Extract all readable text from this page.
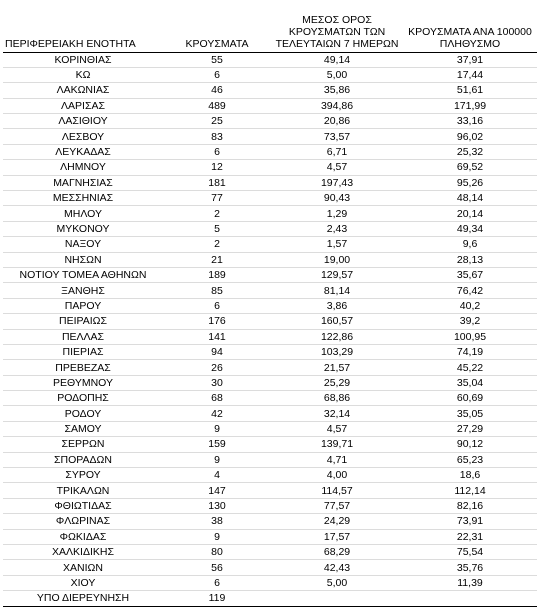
ΠΕΡΙΦΕΡΕΙΑΚΗ ΕΝΟΤΗΤΑ	ΚΡΟΥΣΜΑΤΑ	ΜΕΣΟΣ ΟΡΟΣ
ΚΡΟΥΣΜΑΤΩΝ ΤΩΝ
ΤΕΛΕΥΤΑΙΩΝ 7 ΗΜΕΡΩΝ	ΚΡΟΥΣΜΑΤΑ ΑΝΑ 100000
ΠΛΗΘΥΣΜΟ
ΚΟΡΙΝΘΙΑΣ	55	49,14	37,91
ΚΩ	6	5,00	17,44
ΛΑΚΩΝΙΑΣ	46	35,86	51,61
ΛΑΡΙΣΑΣ	489	394,86	171,99
ΛΑΣΙΘΙΟΥ	25	20,86	33,16
ΛΕΣΒΟΥ	83	73,57	96,02
ΛΕΥΚΑΔΑΣ	6	6,71	25,32
ΛΗΜΝΟΥ	12	4,57	69,52
ΜΑΓΝΗΣΙΑΣ	181	197,43	95,26
ΜΕΣΣΗΝΙΑΣ	77	90,43	48,14
ΜΗΛΟΥ	2	1,29	20,14
ΜΥΚΟΝΟΥ	5	2,43	49,34
ΝΑΞΟΥ	2	1,57	9,6
ΝΗΣΩΝ	21	19,00	28,13
ΝΟΤΙΟΥ ΤΟΜΕΑ ΑΘΗΝΩΝ	189	129,57	35,67
ΞΑΝΘΗΣ	85	81,14	76,42
ΠΑΡΟΥ	6	3,86	40,2
ΠΕΙΡΑΙΩΣ	176	160,57	39,2
ΠΕΛΛΑΣ	141	122,86	100,95
ΠΙΕΡΙΑΣ	94	103,29	74,19
ΠΡΕΒΕΖΑΣ	26	21,57	45,22
ΡΕΘΥΜΝΟΥ	30	25,29	35,04
ΡΟΔΟΠΗΣ	68	68,86	60,69
ΡΟΔΟΥ	42	32,14	35,05
ΣΑΜΟΥ	9	4,57	27,29
ΣΕΡΡΩΝ	159	139,71	90,12
ΣΠΟΡΑΔΩΝ	9	4,71	65,23
ΣΥΡΟΥ	4	4,00	18,6
ΤΡΙΚΑΛΩΝ	147	114,57	112,14
ΦΘΙΩΤΙΔΑΣ	130	77,57	82,16
ΦΛΩΡΙΝΑΣ	38	24,29	73,91
ΦΩΚΙΔΑΣ	9	17,57	22,31
ΧΑΛΚΙΔΙΚΗΣ	80	68,29	75,54
ΧΑΝΙΩΝ	56	42,43	35,76
ΧΙΟΥ	6	5,00	11,39
ΥΠΟ ΔΙΕΡΕΥΝΗΣΗ	119		
